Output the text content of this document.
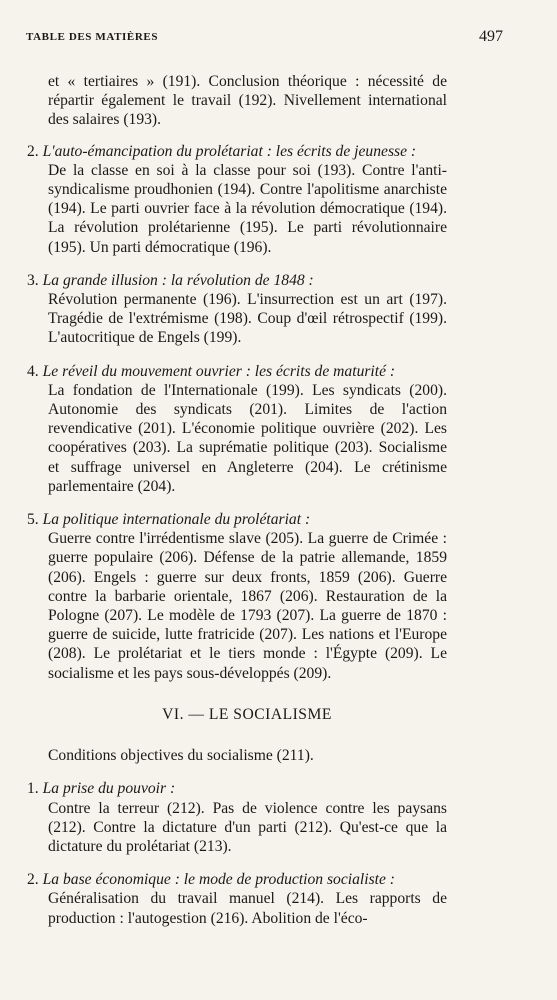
TABLE DES MATIÈRES	497

et « tertiaires » (191). Conclusion théorique : nécessité de répartir également le travail (192). Nivellement international des salaires (193).

2. L'auto-émancipation du prolétariat : les écrits de jeunesse :

De la classe en soi à la classe pour soi (193). Contre l'anti-syndicalisme proudhonien (194). Contre l'apolitisme anarchiste (194). Le parti ouvrier face à la révolution démocratique (194). La révolution prolétarienne (195). Le parti révolutionnaire (195). Un parti démocratique (196).

3. La grande illusion : la révolution de 1848 :

Révolution permanente (196). L'insurrection est un art (197). Tragédie de l'extrémisme (198). Coup d'œil rétrospectif (199). L'autocritique de Engels (199).

4. Le réveil du mouvement ouvrier : les écrits de maturité :

La fondation de l'Internationale (199). Les syndicats (200). Autonomie des syndicats (201). Limites de l'action revendicative (201). L'économie politique ouvrière (202). Les coopératives (203). La suprématie politique (203). Socialisme et suffrage universel en Angleterre (204). Le crétinisme parlementaire (204).

5. La politique internationale du prolétariat :

Guerre contre l'irrédentisme slave (205). La guerre de Crimée : guerre populaire (206). Défense de la patrie allemande, 1859 (206). Engels : guerre sur deux fronts, 1859 (206). Guerre contre la barbarie orientale, 1867 (206). Restauration de la Pologne (207). Le modèle de 1793 (207). La guerre de 1870 : guerre de suicide, lutte fratricide (207). Les nations et l'Europe (208). Le prolétariat et le tiers monde : l'Égypte (209). Le socialisme et les pays sous-développés (209).

VI. — LE SOCIALISME

Conditions objectives du socialisme (211).

1. La prise du pouvoir :

Contre la terreur (212). Pas de violence contre les paysans (212). Contre la dictature d'un parti (212). Qu'est-ce que la dictature du prolétariat (213).

2. La base économique : le mode de production socialiste :

Généralisation du travail manuel (214). Les rapports de production : l'autogestion (216). Abolition de l'éco-
